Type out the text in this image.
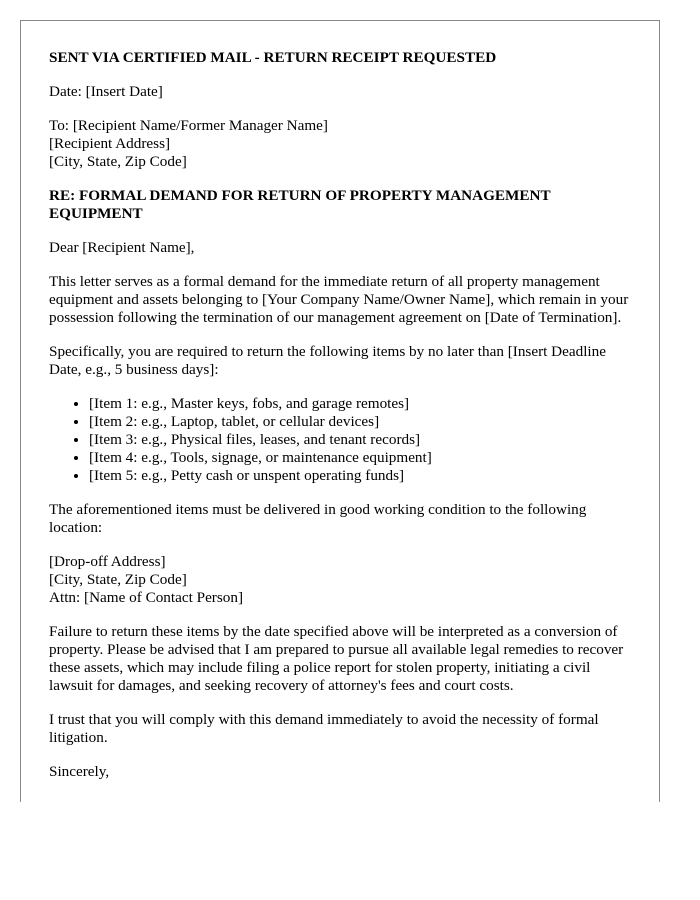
SENT VIA CERTIFIED MAIL - RETURN RECEIPT REQUESTED

Date: [Insert Date]

To: [Recipient Name/Former Manager Name]
[Recipient Address]
[City, State, Zip Code]

RE: FORMAL DEMAND FOR RETURN OF PROPERTY MANAGEMENT EQUIPMENT

Dear [Recipient Name],

This letter serves as a formal demand for the immediate return of all property management equipment and assets belonging to [Your Company Name/Owner Name], which remain in your possession following the termination of our management agreement on [Date of Termination].

Specifically, you are required to return the following items by no later than [Insert Deadline Date, e.g., 5 business days]:

• [Item 1: e.g., Master keys, fobs, and garage remotes]
• [Item 2: e.g., Laptop, tablet, or cellular devices]
• [Item 3: e.g., Physical files, leases, and tenant records]
• [Item 4: e.g., Tools, signage, or maintenance equipment]
• [Item 5: e.g., Petty cash or unspent operating funds]

The aforementioned items must be delivered in good working condition to the following location:

[Drop-off Address]
[City, State, Zip Code]
Attn: [Name of Contact Person]

Failure to return these items by the date specified above will be interpreted as a conversion of property. Please be advised that I am prepared to pursue all available legal remedies to recover these assets, which may include filing a police report for stolen property, initiating a civil lawsuit for damages, and seeking recovery of attorney's fees and court costs.

I trust that you will comply with this demand immediately to avoid the necessity of formal litigation.

Sincerely,
